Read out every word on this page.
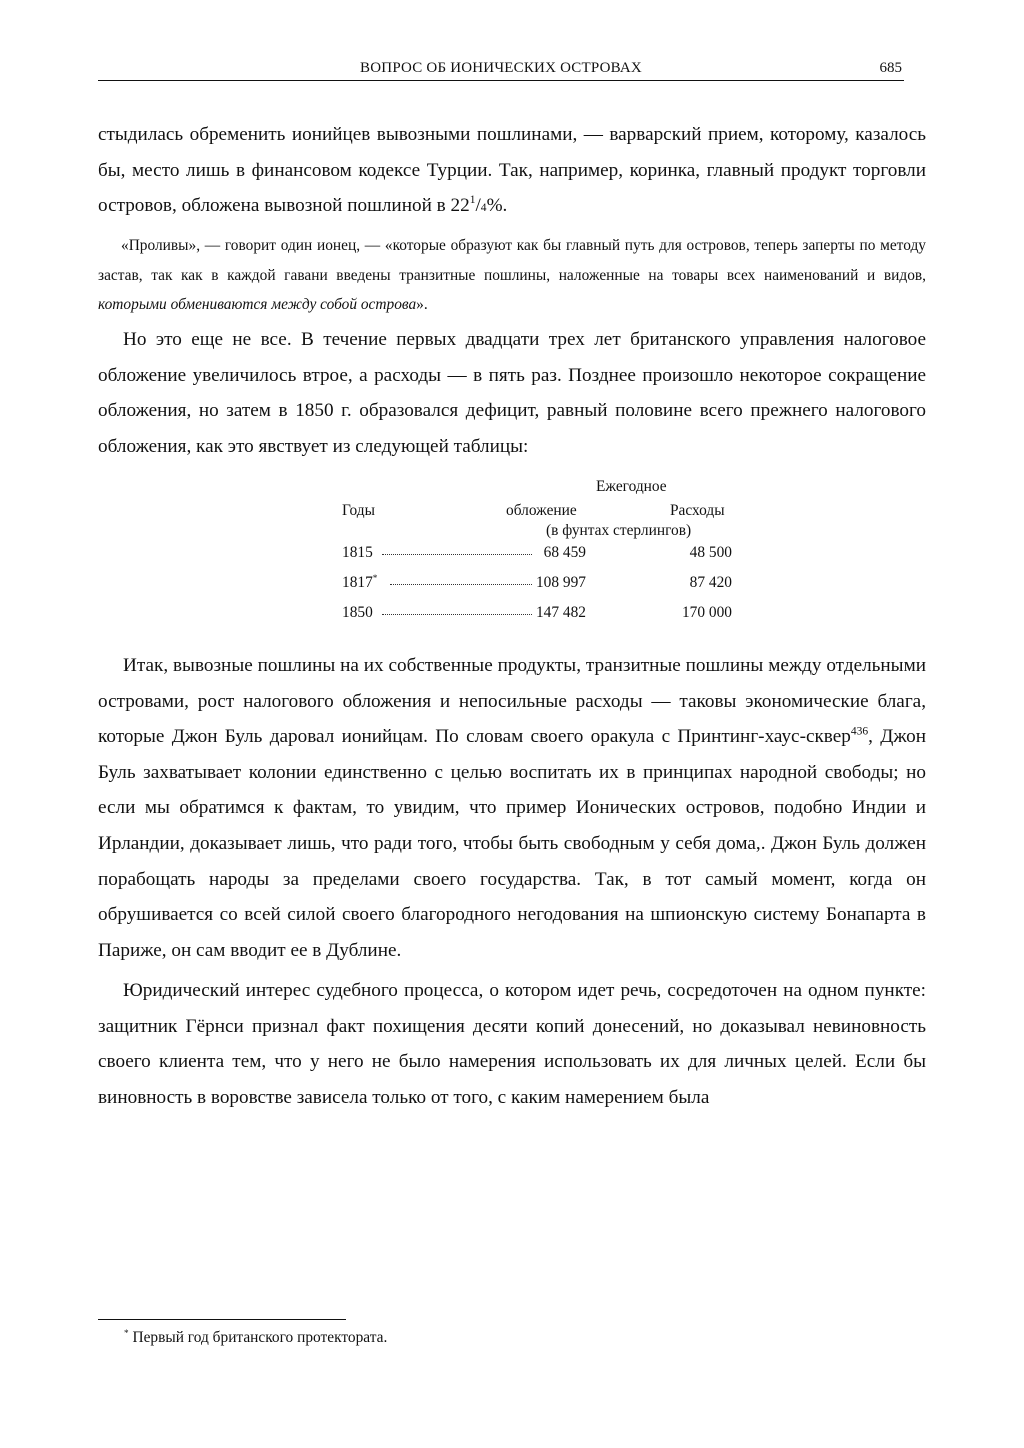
ВОПРОС ОБ ИОНИЧЕСКИХ ОСТРОВАХ	685
стыдилась обременить ионийцев вывозными пошлинами, — варварский прием, которому, казалось бы, место лишь в финансовом кодексе Турции. Так, например, коринка, главный продукт торговли островов, обложена вывозной пошлиной в $22^1/4\%$.
«Проливы», — говорит один ионец, — «которые образуют как бы главный путь для островов, теперь заперты по методу застав, так как в каждой гавани введены транзитные пошлины, наложенные на товары всех наименований и видов, которыми обмениваются между собой острова».
Но это еще не все. В течение первых двадцати трех лет британского управления налоговое обложение увеличилось втрое, а расходы — в пять раз. Позднее произошло некоторое сокращение обложения, но затем в 1850 г. образовался дефицит, равный половине всего прежнего налогового обложения, как это явствует из следующей таблицы:
Ежегодное
Годы	обложение	Расходы
(в фунтах стерлингов)
1815	68 459	48 500
1817*	108 997	87 420
1850	147 482	170 000
Итак, вывозные пошлины на их собственные продукты, транзитные пошлины между отдельными островами, рост налогового обложения и непосильные расходы — таковы экономические блага, которые Джон Буль даровал ионийцам. По словам своего оракула с Принтинг-хаус-сквер$^{436}$, Джон Буль захватывает колонии единственно с целью воспитать их в принципах народной свободы; но если мы обратимся к фактам, то увидим, что пример Ионических островов, подобно Индии и Ирландии, доказывает лишь, что ради того, чтобы быть свободным у себя дома,. Джон Буль должен порабощать народы за пределами своего государства. Так, в тот самый момент, когда он обрушивается со всей силой своего благородного негодования на шпионскую систему Бонапарта в Париже, он сам вводит ее в Дублине.
Юридический интерес судебного процесса, о котором идет речь, сосредоточен на одном пункте: защитник Гёрнси признал факт похищения десяти копий донесений, но доказывал невиновность своего клиента тем, что у него не было намерения использовать их для личных целей. Если бы виновность в воровстве зависела только от того, с каким намерением была
* Первый год британского протектората.
